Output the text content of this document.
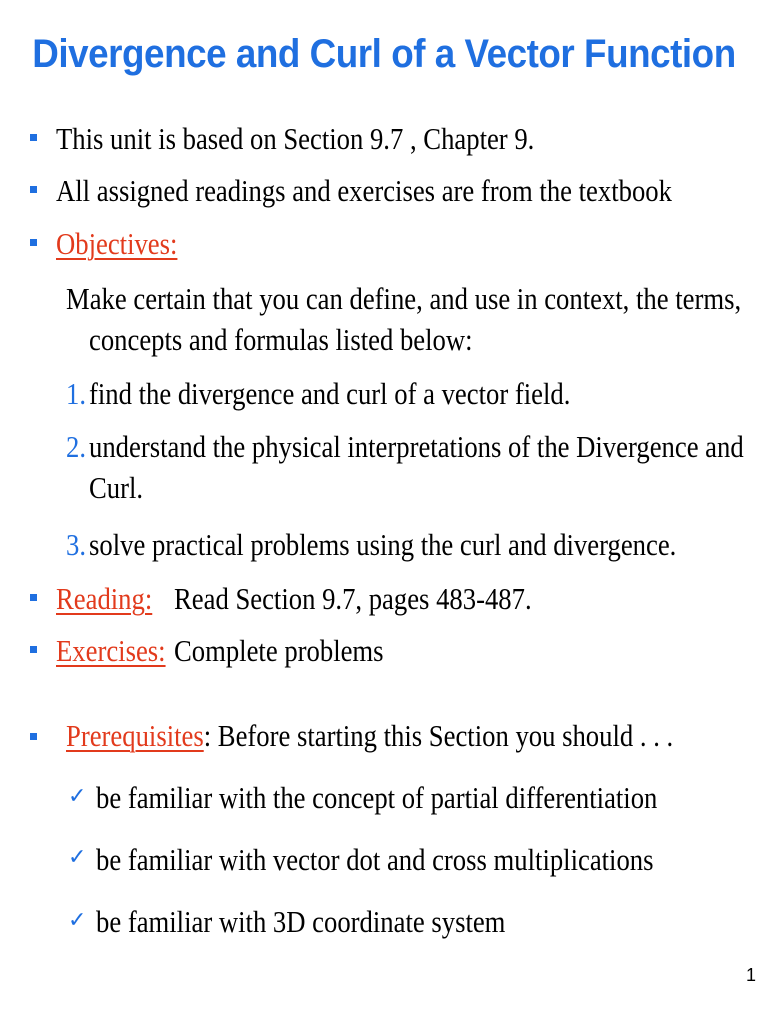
Divergence and Curl of a Vector Function
This unit is based on Section 9.7 , Chapter 9.
All assigned readings and exercises are from the textbook
Objectives:
Make certain that you can define, and use in context, the terms,
concepts and formulas listed below:
1. find the divergence and curl of a vector field.
2. understand the physical interpretations of the Divergence and
Curl.
3. solve practical problems using the curl and divergence.
Reading: Read Section 9.7, pages 483-487.
Exercises: Complete problems
Prerequisites: Before starting this Section you should . . .
✓ be familiar with the concept of partial differentiation
✓ be familiar with vector dot and cross multiplications
✓ be familiar with 3D coordinate system
1
